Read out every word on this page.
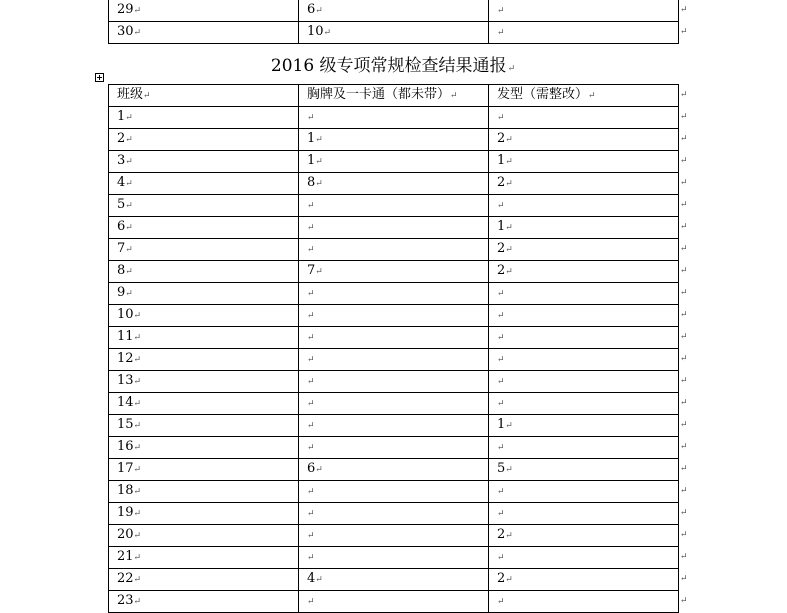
29↵	6↵	↵
30↵	10↵	↵
2016 级专项常规检查结果通报↵
班级↵	胸牌及一卡通（都未带）↵	发型（需整改）↵
1↵	↵	↵
2↵	1↵	2↵
3↵	1↵	1↵
4↵	8↵	2↵
5↵	↵	↵
6↵	↵	1↵
7↵	↵	2↵
8↵	7↵	2↵
9↵	↵	↵
10↵	↵	↵
11↵	↵	↵
12↵	↵	↵
13↵	↵	↵
14↵	↵	↵
15↵	↵	1↵
16↵	↵	↵
17↵	6↵	5↵
18↵	↵	↵
19↵	↵	↵
20↵	↵	2↵
21↵	↵	↵
22↵	4↵	2↵
23↵	↵	↵
↵
↵
↵
↵
↵
↵
↵
↵
↵
↵
↵
↵
↵
↵
↵
↵
↵
↵
↵
↵
↵
↵
↵
↵
↵
↵
